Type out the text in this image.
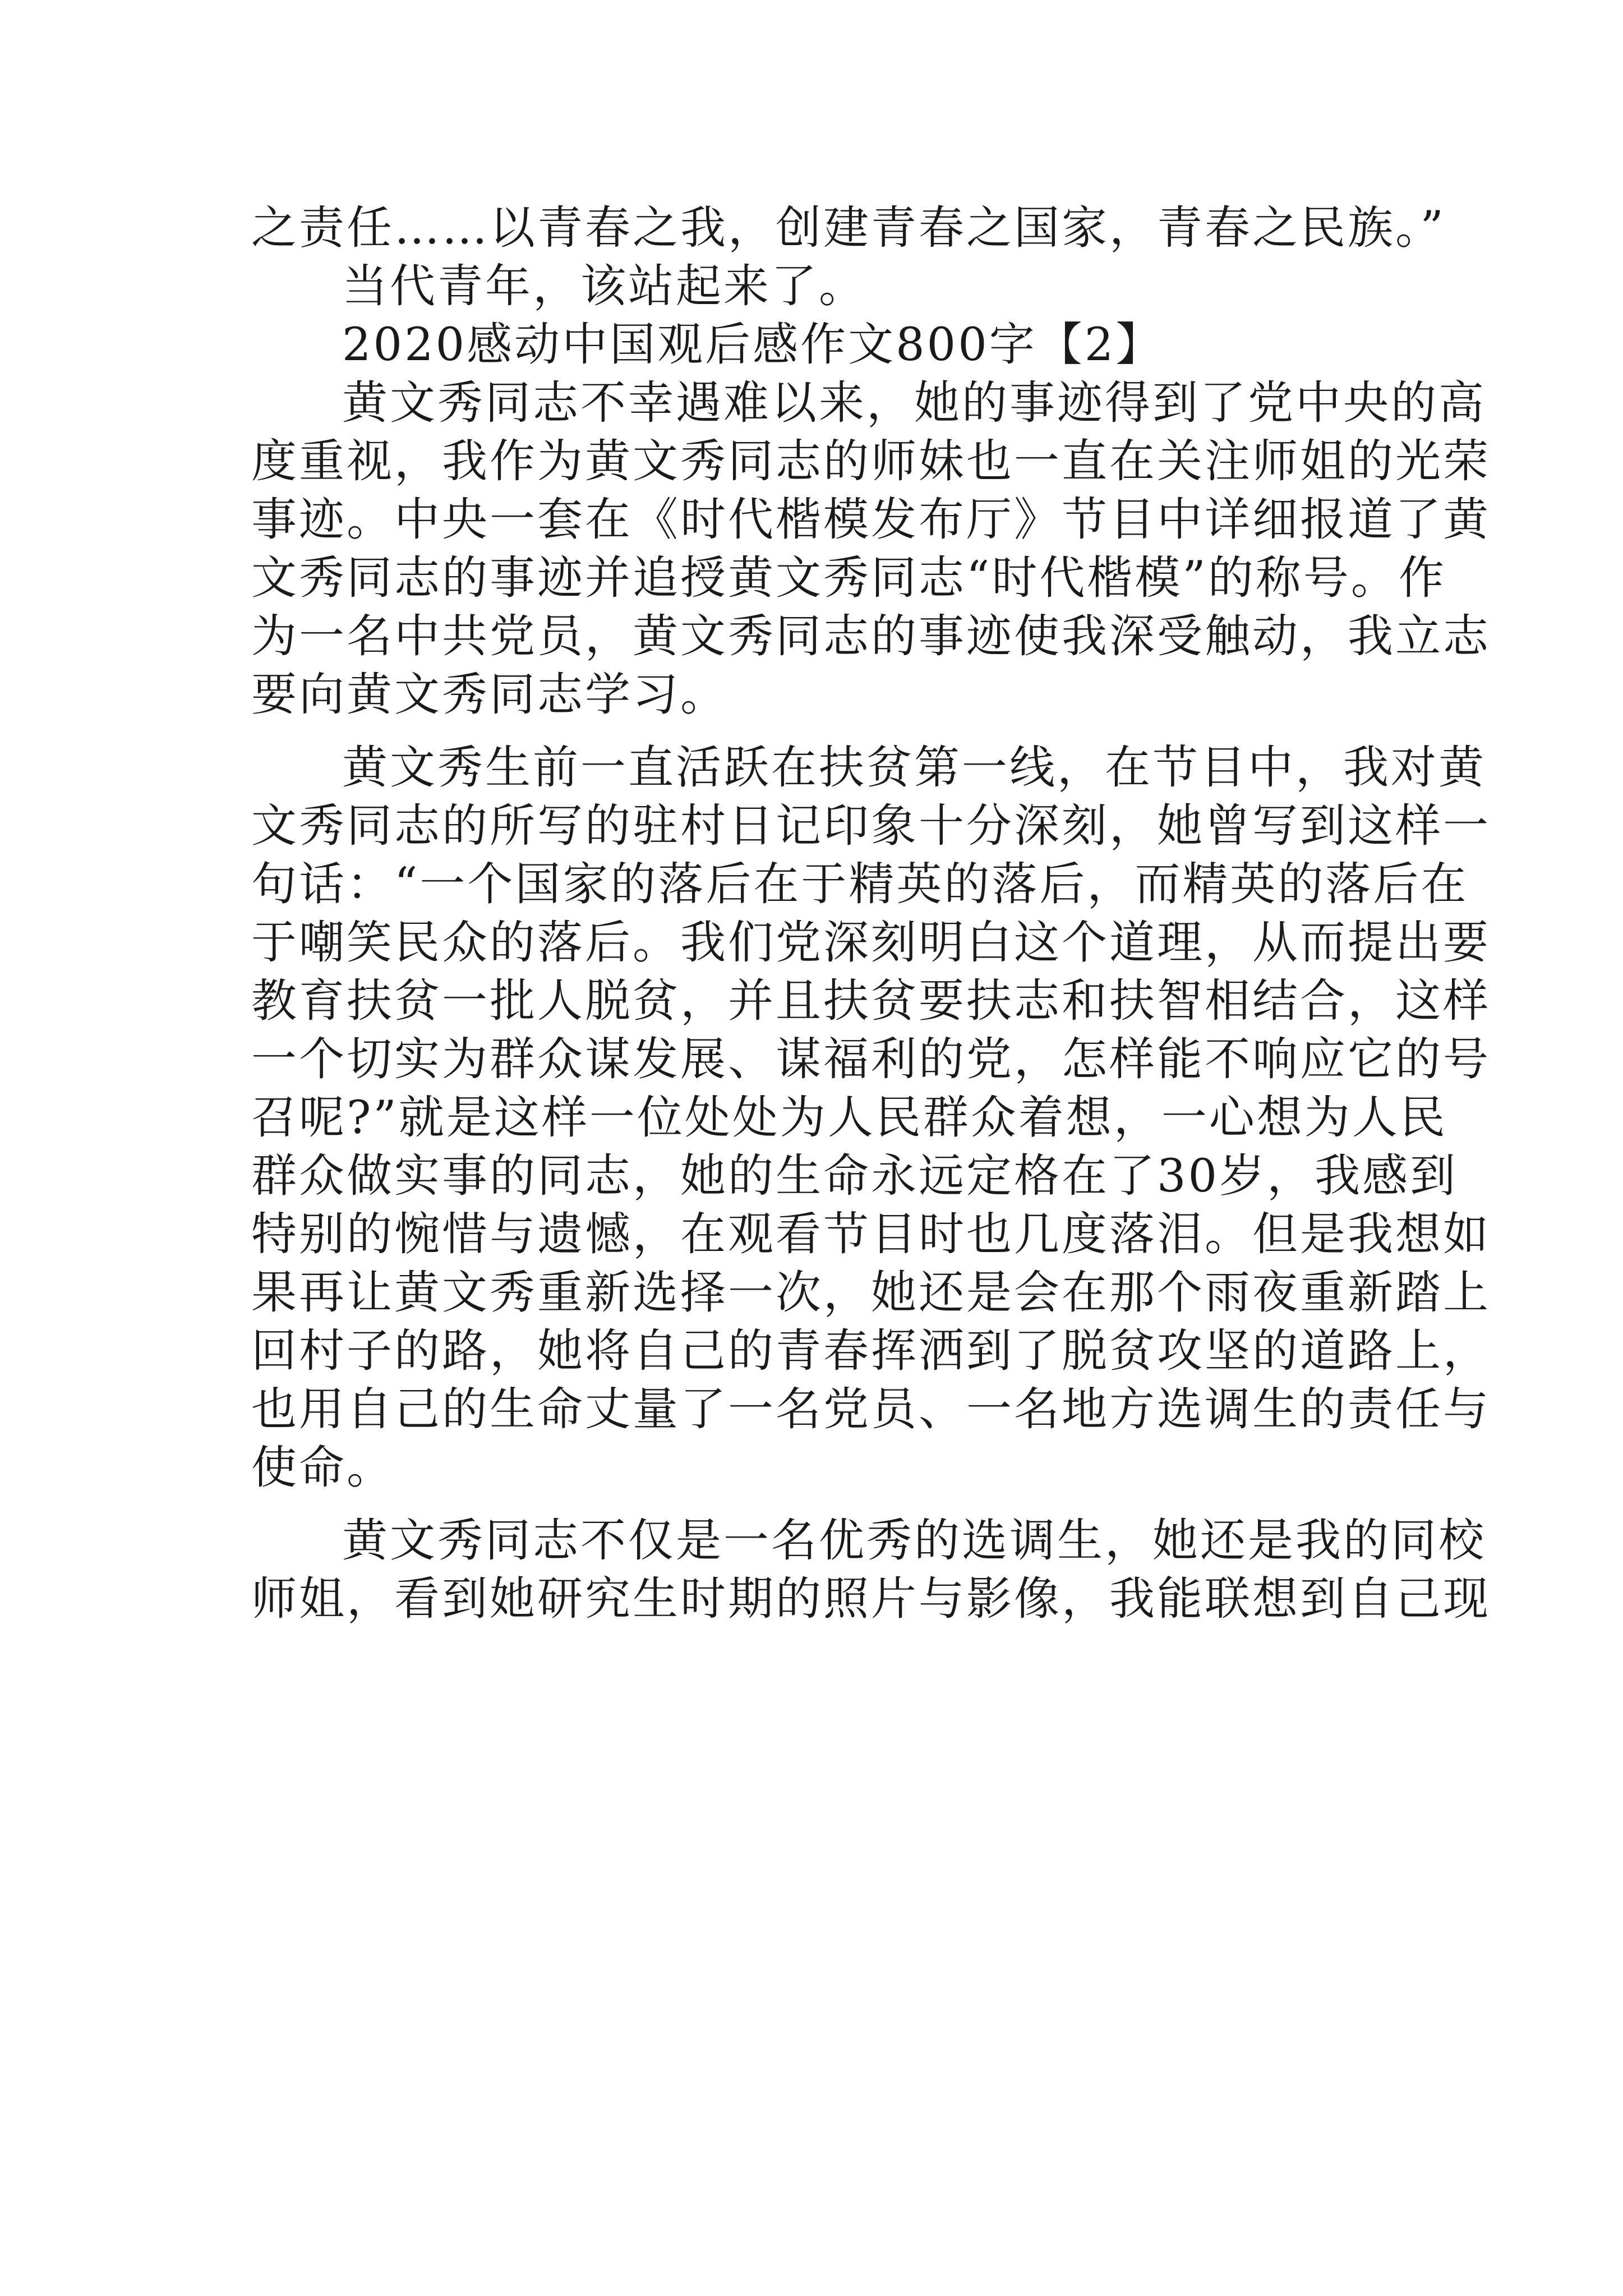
之责任……以青春之我，创建青春之国家，青春之民族。”
当代青年，该站起来了。
2020感动中国观后感作文800字【2】
黄文秀同志不幸遇难以来，她的事迹得到了党中央的高
度重视，我作为黄文秀同志的师妹也一直在关注师姐的光荣
事迹。中央一套在《时代楷模发布厅》节目中详细报道了黄
文秀同志的事迹并追授黄文秀同志“时代楷模”的称号。作
为一名中共党员，黄文秀同志的事迹使我深受触动，我立志
要向黄文秀同志学习。
黄文秀生前一直活跃在扶贫第一线，在节目中，我对黄
文秀同志的所写的驻村日记印象十分深刻，她曾写到这样一
句话：“一个国家的落后在于精英的落后，而精英的落后在
于嘲笑民众的落后。我们党深刻明白这个道理，从而提出要
教育扶贫一批人脱贫，并且扶贫要扶志和扶智相结合，这样
一个切实为群众谋发展、谋福利的党，怎样能不响应它的号
召呢?”就是这样一位处处为人民群众着想，一心想为人民
群众做实事的同志，她的生命永远定格在了30岁，我感到
特别的惋惜与遗憾，在观看节目时也几度落泪。但是我想如
果再让黄文秀重新选择一次，她还是会在那个雨夜重新踏上
回村子的路，她将自己的青春挥洒到了脱贫攻坚的道路上，
也用自己的生命丈量了一名党员、一名地方选调生的责任与
使命。
黄文秀同志不仅是一名优秀的选调生，她还是我的同校
师姐，看到她研究生时期的照片与影像，我能联想到自己现
